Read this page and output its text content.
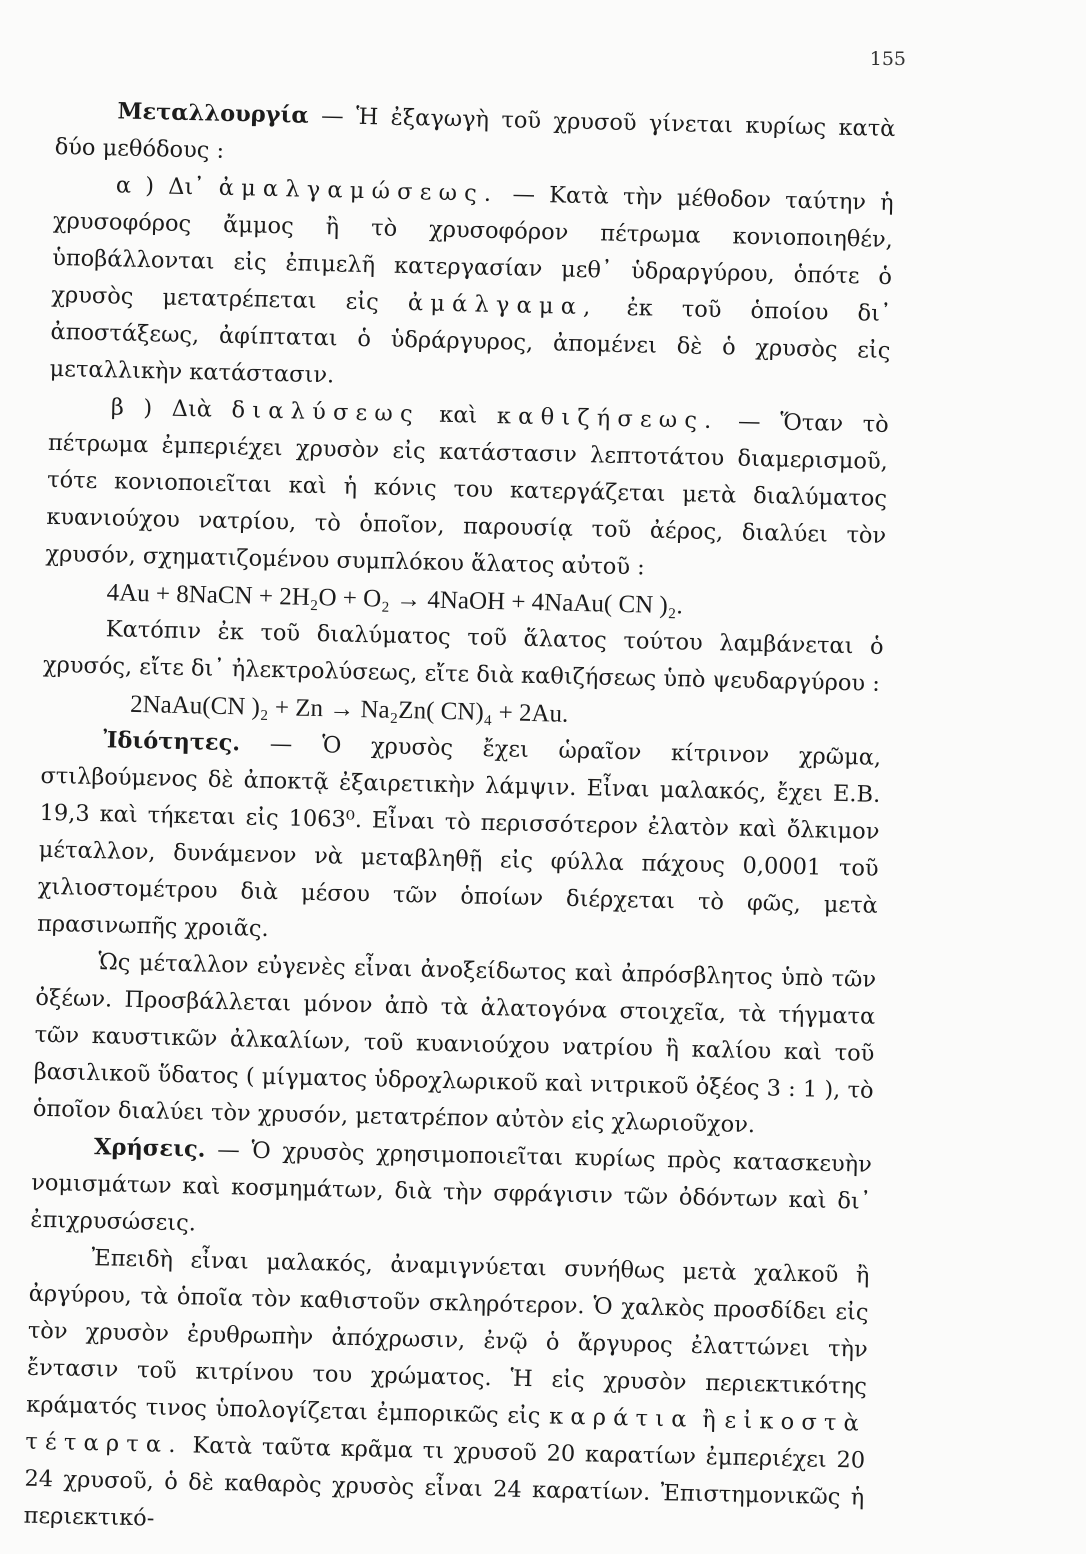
155

Μεταλλουργία — Ἡ ἐξαγωγὴ τοῦ χρυσοῦ γίνεται κυρίως κατὰ δύο μεθόδους :

α ) Δι᾽ ἀμαλγαμώσεως. — Κατὰ τὴν μέθοδον ταύτην ἡ χρυσοφόρος ἄμμος ἢ τὸ χρυσοφόρον πέτρωμα κονιοποιηθέν, ὑποβάλλονται εἰς ἐπιμελῆ κατεργασίαν μεθ᾽ ὑδραργύρου, ὁπότε ὁ χρυσὸς μετατρέπεται εἰς ἀμάλγαμα, ἐκ τοῦ ὁποίου δι᾽ ἀποστάξεως, ἀφίπταται ὁ ὑδράργυρος, ἀπομένει δὲ ὁ χρυσὸς εἰς μεταλλικὴν κατάστασιν.

β ) Διὰ διαλύσεως καὶ καθιζήσεως. — Ὅταν τὸ πέτρωμα ἐμπεριέχει χρυσὸν εἰς κατάστασιν λεπτοτάτου διαμερισμοῦ, τότε κονιοποιεῖται καὶ ἡ κόνις του κατεργάζεται μετὰ διαλύματος κυανιούχου νατρίου, τὸ ὁποῖον, παρουσίᾳ τοῦ ἀέρος, διαλύει τὸν χρυσόν, σχηματιζομένου συμπλόκου ἅλατος αὐτοῦ :

4Au + 8NaCN + 2H₂O + O₂ → 4NaOH + 4NaAu( CN )₂.

Κατόπιν ἐκ τοῦ διαλύματος τοῦ ἅλατος τούτου λαμβάνεται ὁ χρυσός, εἴτε δι᾽ ἠλεκτρολύσεως, εἴτε διὰ καθιζήσεως ὑπὸ ψευδαργύρου :

2NaAu(CN )₂ + Zn → Na₂Zn( CN)₄ + 2Au.

Ἰδιότητες. — Ὁ χρυσὸς ἔχει ὡραῖον κίτρινον χρῶμα, στιλβούμενος δὲ ἀποκτᾷ ἐξαιρετικὴν λάμψιν. Εἶναι μαλακός, ἔχει Ε.Β. 19,3 καὶ τήκεται εἰς 1063⁰. Εἶναι τὸ περισσότερον ἐλατὸν καὶ ὄλκιμον μέταλλον, δυνάμενον νὰ μεταβληθῇ εἰς φύλλα πάχους 0,0001 τοῦ χιλιοστομέτρου διὰ μέσου τῶν ὁποίων διέρχεται τὸ φῶς, μετὰ πρασινωπῆς χροιᾶς.

Ὡς μέταλλον εὐγενὲς εἶναι ἀνοξείδωτος καὶ ἀπρόσβλητος ὑπὸ τῶν ὀξέων. Προσβάλλεται μόνον ἀπὸ τὰ ἀλατογόνα στοιχεῖα, τὰ τήγματα τῶν καυστικῶν ἀλκαλίων, τοῦ κυανιούχου νατρίου ἢ καλίου καὶ τοῦ βασιλικοῦ ὕδατος ( μίγματος ὑδροχλωρικοῦ καὶ νιτρικοῦ ὀξέος 3 : 1 ), τὸ ὁποῖον διαλύει τὸν χρυσόν, μετατρέπον αὐτὸν εἰς χλωριοῦχον.

Χρήσεις. — Ὁ χρυσὸς χρησιμοποιεῖται κυρίως πρὸς κατασκευὴν νομισμάτων καὶ κοσμημάτων, διὰ τὴν σφράγισιν τῶν ὀδόντων καὶ δι᾽ ἐπιχρυσώσεις.

Ἐπειδὴ εἶναι μαλακός, ἀναμιγνύεται συνήθως μετὰ χαλκοῦ ἢ ἀργύρου, τὰ ὁποῖα τὸν καθιστοῦν σκληρότερον. Ὁ χαλκὸς προσδίδει εἰς τὸν χρυσὸν ἐρυθρωπὴν ἀπόχρωσιν, ἐνῷ ὁ ἄργυρος ἐλαττώνει τὴν ἔντασιν τοῦ κιτρίνου του χρώματος. Ἡ εἰς χρυσὸν περιεκτικότης κράματός τινος ὑπολογίζεται ἐμπορικῶς εἰς καράτια ἢ εἰκοστὰ τέταρτα. Κατὰ ταῦτα κρᾶμα τι χρυσοῦ 20 καρατίων ἐμπεριέχει 20 24 χρυσοῦ, ὁ δὲ καθαρὸς χρυσὸς εἶναι 24 καρατίων. Ἐπιστημονικῶς ἡ περιεκτικό-
